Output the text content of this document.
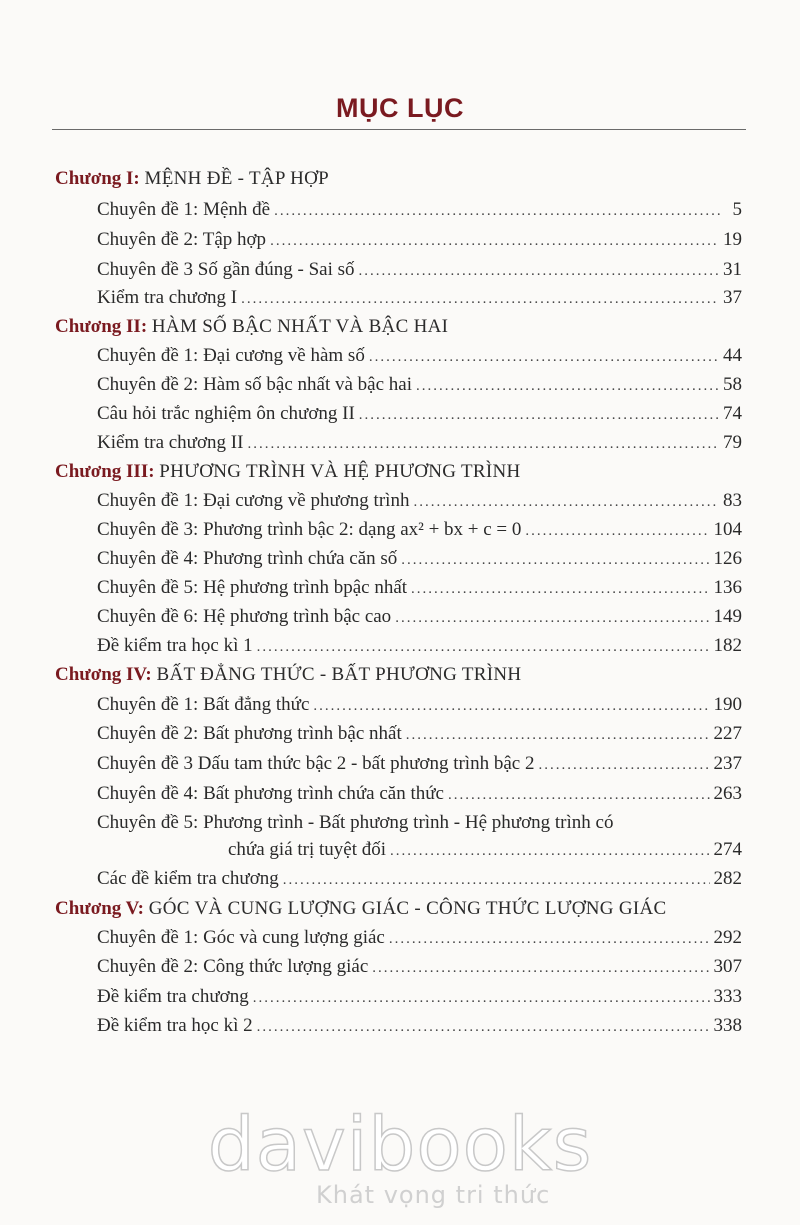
MỤC LỤC
Chương I:
MỆNH ĐỀ - TẬP HỢP
Chuyên đề 1: Mệnh đề .....	5
Chuyên đề 2: Tập hợp .....	19
Chuyên đề 3 Số gần đúng - Sai số .....	31
Kiểm tra chương I .....	37
Chương II:
HÀM SỐ BẬC NHẤT VÀ BẬC HAI
Chuyên đề 1: Đại cương về hàm số .....	44
Chuyên đề 2: Hàm số bậc nhất và bậc hai .....	58
Câu hỏi trắc nghiệm ôn chương II .....	74
Kiểm tra chương II .....	79
Chương III:
PHƯƠNG TRÌNH VÀ HỆ PHƯƠNG TRÌNH
Chuyên đề 1: Đại cương về phương trình .....	83
Chuyên đề 3: Phương trình bậc 2: dạng ax² + bx + c = 0 .....	104
Chuyên đề 4: Phương trình chứa căn số .....	126
Chuyên đề 5: Hệ phương trình bpậc nhất .....	136
Chuyên đề 6: Hệ phương trình bậc cao .....	149
Đề kiểm tra học kì 1 .....	182
Chương IV:
BẤT ĐẲNG THỨC - BẤT PHƯƠNG TRÌNH
Chuyên đề 1: Bất đẳng thức .....	190
Chuyên đề 2: Bất phương trình bậc nhất .....	227
Chuyên đề 3 Dấu tam thức bậc 2 - bất phương trình bậc 2 .....	237
Chuyên đề 4: Bất phương trình chứa căn thức .....	263
Chuyên đề 5: Phương trình - Bất phương trình - Hệ phương trình có
chứa giá trị tuyệt đối .....	274
Các đề kiểm tra chương .....	282
Chương V:
GÓC VÀ CUNG LƯỢNG GIÁC - CÔNG THỨC LƯỢNG GIÁC
Chuyên đề 1: Góc và cung lượng giác .....	292
Chuyên đề 2: Công thức lượng giác .....	307
Đề kiểm tra chương .....	333
Đề kiểm tra học kì 2 .....	338
davibooks
Khát vọng tri thức
